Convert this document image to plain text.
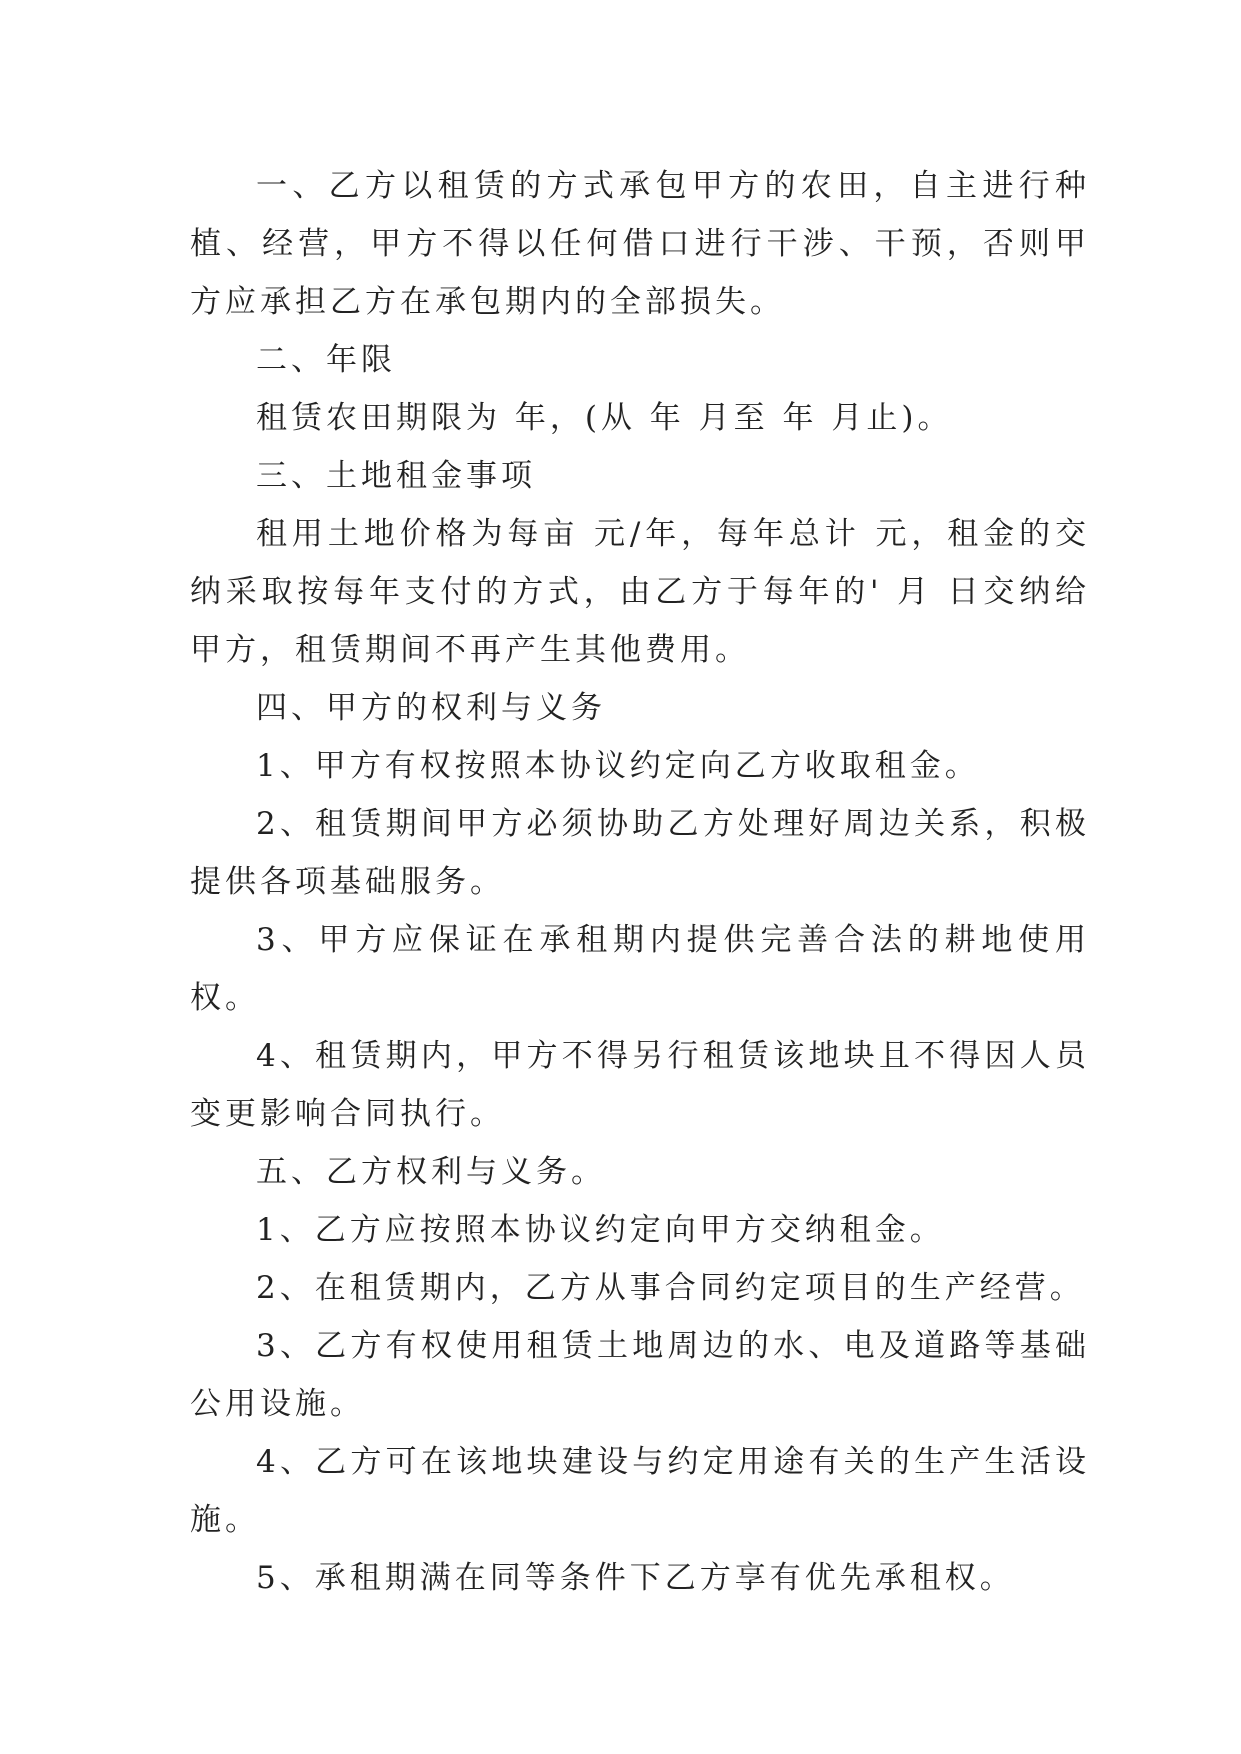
一、乙方以租赁的方式承包甲方的农田，自主进行种植、经营，甲方不得以任何借口进行干涉、干预，否则甲方应承担乙方在承包期内的全部损失。

二、年限

租赁农田期限为 年，(从 年 月至 年 月止)。

三、土地租金事项

租用土地价格为每亩 元/年，每年总计 元，租金的交纳采取按每年支付的方式，由乙方于每年的' 月 日交纳给甲方，租赁期间不再产生其他费用。

四、甲方的权利与义务

1、甲方有权按照本协议约定向乙方收取租金。

2、租赁期间甲方必须协助乙方处理好周边关系，积极提供各项基础服务。

3、甲方应保证在承租期内提供完善合法的耕地使用权。

4、租赁期内，甲方不得另行租赁该地块且不得因人员变更影响合同执行。

五、乙方权利与义务。

1、乙方应按照本协议约定向甲方交纳租金。

2、在租赁期内，乙方从事合同约定项目的生产经营。

3、乙方有权使用租赁土地周边的水、电及道路等基础公用设施。

4、乙方可在该地块建设与约定用途有关的生产生活设施。

5、承租期满在同等条件下乙方享有优先承租权。
